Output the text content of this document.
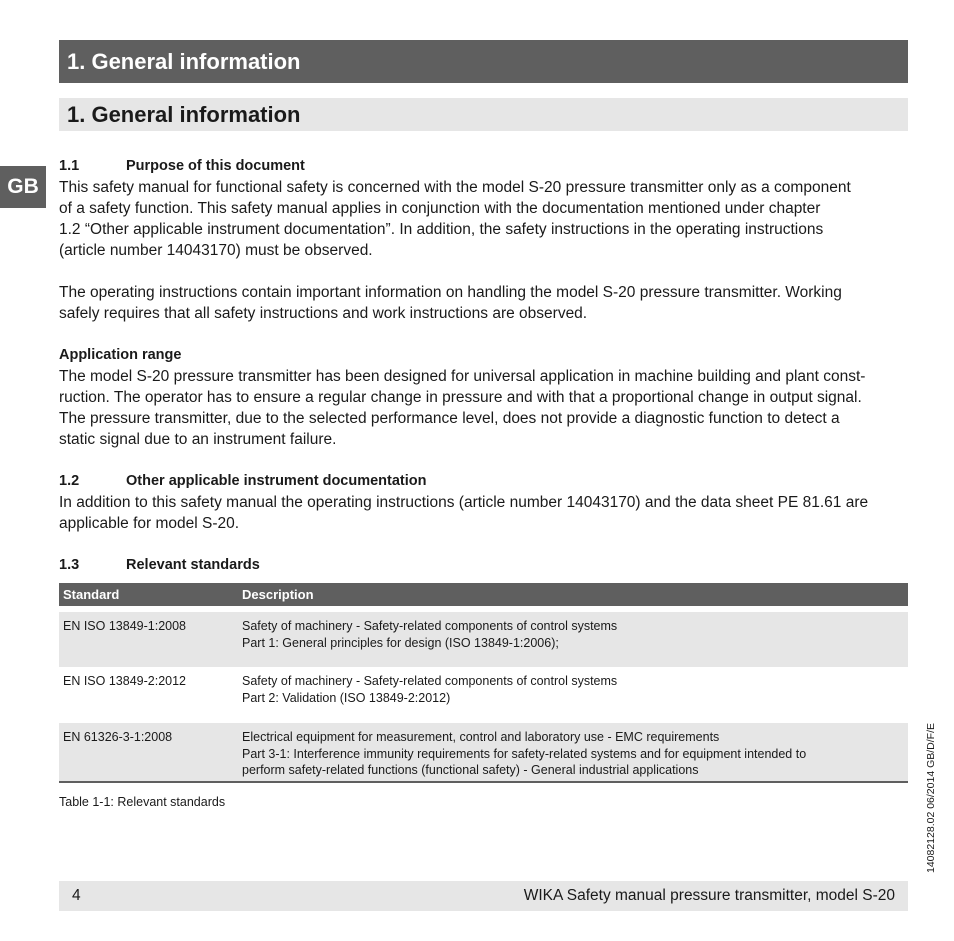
1. General information
1. General information
GB

1.1	Purpose of this document

This safety manual for functional safety is concerned with the model S-20 pressure transmitter only as a component
of a safety function. This safety manual applies in conjunction with the documentation mentioned under chapter
1.2 “Other applicable instrument documentation”. In addition, the safety instructions in the operating instructions
(article number 14043170) must be observed.

The operating instructions contain important information on handling the model S-20 pressure transmitter. Working
safely requires that all safety instructions and work instructions are observed.

Application range

The model S-20 pressure transmitter has been designed for universal application in machine building and plant const-
ruction. The operator has to ensure a regular change in pressure and with that a proportional change in output signal.
The pressure transmitter, due to the selected performance level, does not provide a diagnostic function to detect a
static signal due to an instrument failure.

1.2	Other applicable instrument documentation

In addition to this safety manual the operating instructions (article number 14043170) and the data sheet PE 81.61 are
applicable for model S-20.

1.3	Relevant standards

Standard	Description

EN ISO 13849-1:2008	Safety of machinery - Safety-related components of control systems
Part 1: General principles for design (ISO 13849-1:2006);
EN ISO 13849-2:2012	Safety of machinery - Safety-related components of control systems
Part 2: Validation (ISO 13849-2:2012)
EN 61326-3-1:2008	Electrical equipment for measurement, control and laboratory use - EMC requirements
Part 3-1: Interference immunity requirements for safety-related systems and for equipment intended to
perform safety-related functions (functional safety) - General industrial applications
Table 1-1: Relevant standards
4	WIKA Safety manual pressure transmitter, model S-20
14082128.02 06/2014 GB/D/F/E
